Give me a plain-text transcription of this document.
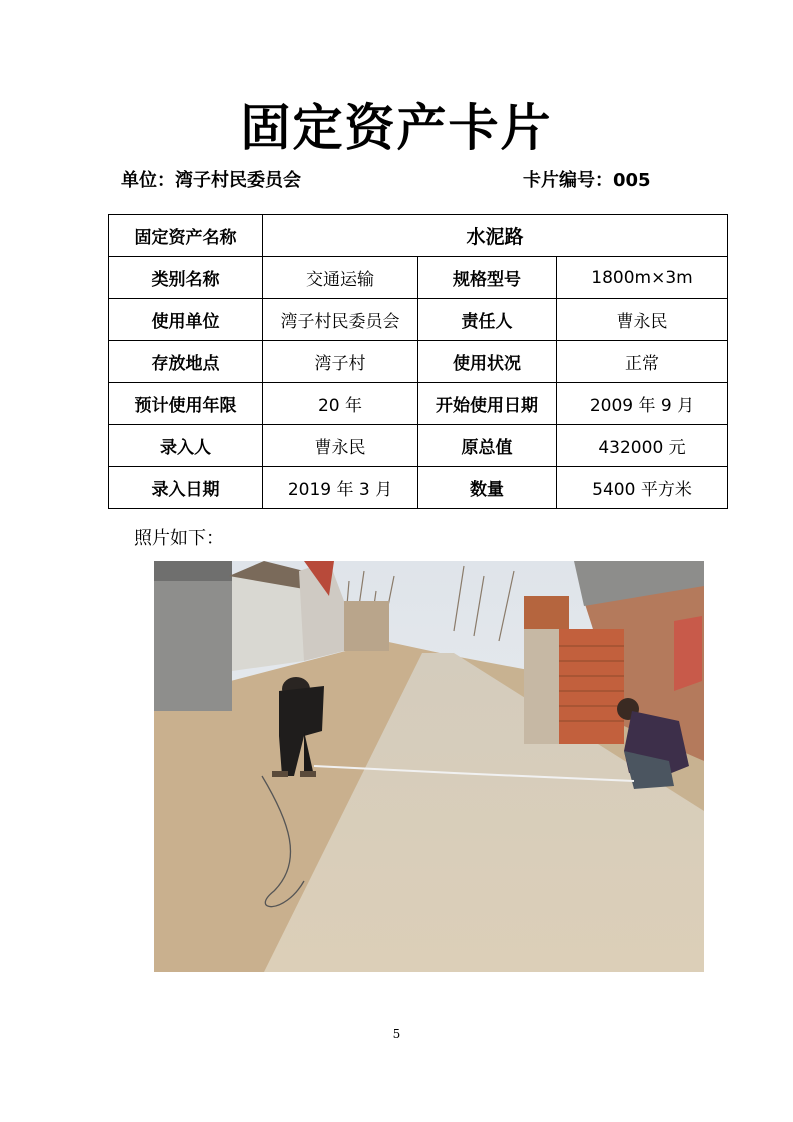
固定资产卡片
单位：湾子村民委员会	卡片编号：005
固定资产名称	水泥路		
类别名称	交通运输	规格型号	1800m×3m
使用单位	湾子村民委员会	责任人	曹永民
存放地点	湾子村	使用状况	正常
预计使用年限	20 年	开始使用日期	2009 年 9 月
录入人	曹永民	原总值	432000 元
录入日期	2019 年 3 月	数量	5400 平方米
照片如下：
5
